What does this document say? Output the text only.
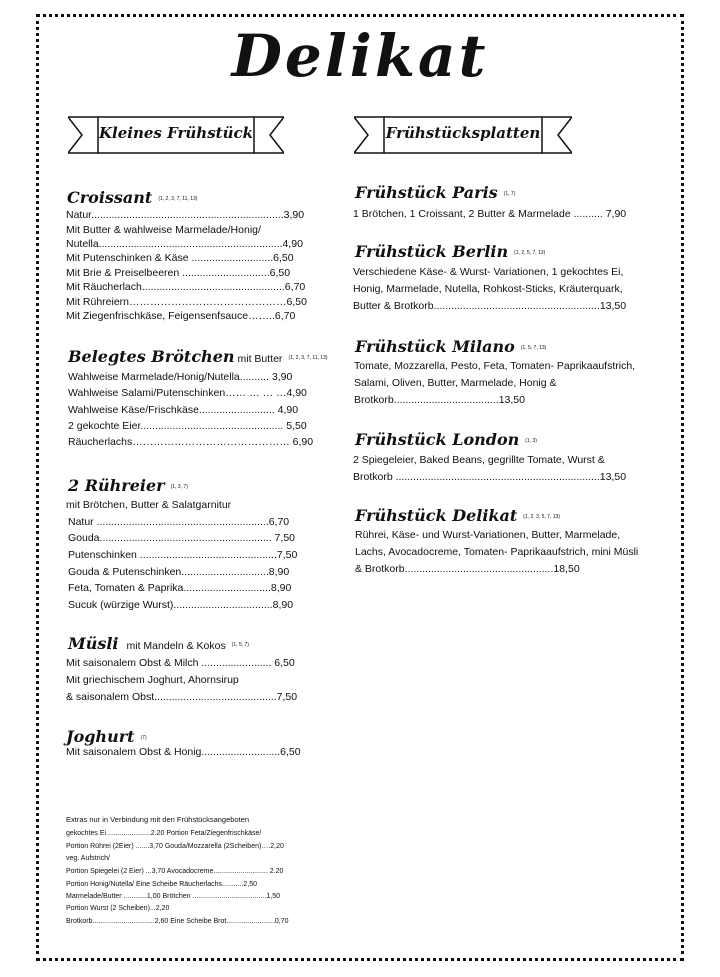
Delikat
Kleines Frühstück	Frühstücksplatten
Croissant (1, 2, 3, 7, 11, 13)
Natur..................................................................3,90
Mit Butter & wahlweise Marmelade/Honig/
Nutella...............................................................4,90
Mit Putenschinken & Käse ............................6,50
Mit Brie & Preiselbeeren ..............................6,50
Mit Räucherlach.................................................6,70
Mit Rühreiern………………………………………6,50
Mit Ziegenfrischkäse, Feigensenfsauce……..6,70
Belegtes Brötchen mit Butter (1, 2, 3, 7, 11, 13)
Wahlweise Marmelade/Honig/Nutella.......... 3,90
Wahlweise Salami/Putenschinken…… … … …4,90
Wahlweise Käse/Frischkäse.......................... 4,90
2 gekochte Eier................................................. 5,50
Räucherlachs……………………………………… 6,90
2 Rühreier (1, 3, 7)
mit Brötchen, Butter & Salatgarnitur
Natur ...........................................................6,70
Gouda........................................................... 7,50
Putenschinken ...............................................7,50
Gouda & Putenschinken..............................8,90
Feta, Tomaten & Paprika..............................8,90
Sucuk (würzige Wurst)..................................8,90
Müsli mit Mandeln & Kokos (1, 5, 7)
Mit saisonalem Obst & Milch ........................ 6,50
Mit griechischem Joghurt, Ahornsirup
& saisonalem Obst..........................................7,50
Joghurt (7)
Mit saisonalem Obst & Honig...........................6,50
Extras nur in Verbindung mit den Frühstücksangeboten
gekochtes Ei ......................2.20 Portion Feta/Ziegenfrischkäse/
Portion Rührei (2Eier) .......3,70 Gouda/Mozzarella (2Scheiben)….2,20
veg. Aufstrich/
Portion Spiegelei (2 Eier) ...3,70 Avocadocreme............................ 2.20
Portion Honig/Nutella/ Eine Scheibe Räucherlachs...........2,50
Marmelade/Butter ............1,00 Brötchen ......................................1,50
Portion Wurst (2 Scheiben)...2,20
Brotkorb................................2,60 Eine Scheibe Brot.........................0,70
Frühstück Paris (1, 7)
1 Brötchen, 1 Croissant, 2 Butter & Marmelade .......... 7,90
Frühstück Berlin (1, 2, 5, 7, 13)
Verschiedene Käse- & Wurst- Variationen, 1 gekochtes Ei, Honig, Marmelade, Nutella, Rohkost-Sticks, Kräuterquark, Butter & Brotkorb.........................................................13,50
Frühstück Milano (1, 5, 7, 13)
Tomate, Mozzarella, Pesto, Feta, Tomaten- Paprikaaufstrich, Salami, Oliven, Butter, Marmelade, Honig & Brotkorb....................................13,50
Frühstück London (1, 3)
2 Spiegeleier, Baked Beans, gegrillte Tomate, Wurst & Brotkorb ......................................................................13,50
Frühstück Delikat (1, 2, 3, 5, 7, 13)
Rührei, Käse- und Wurst-Variationen, Butter, Marmelade, Lachs, Avocadocreme, Tomaten- Paprikaaufstrich, mini Müsli & Brotkorb...................................................18,50
